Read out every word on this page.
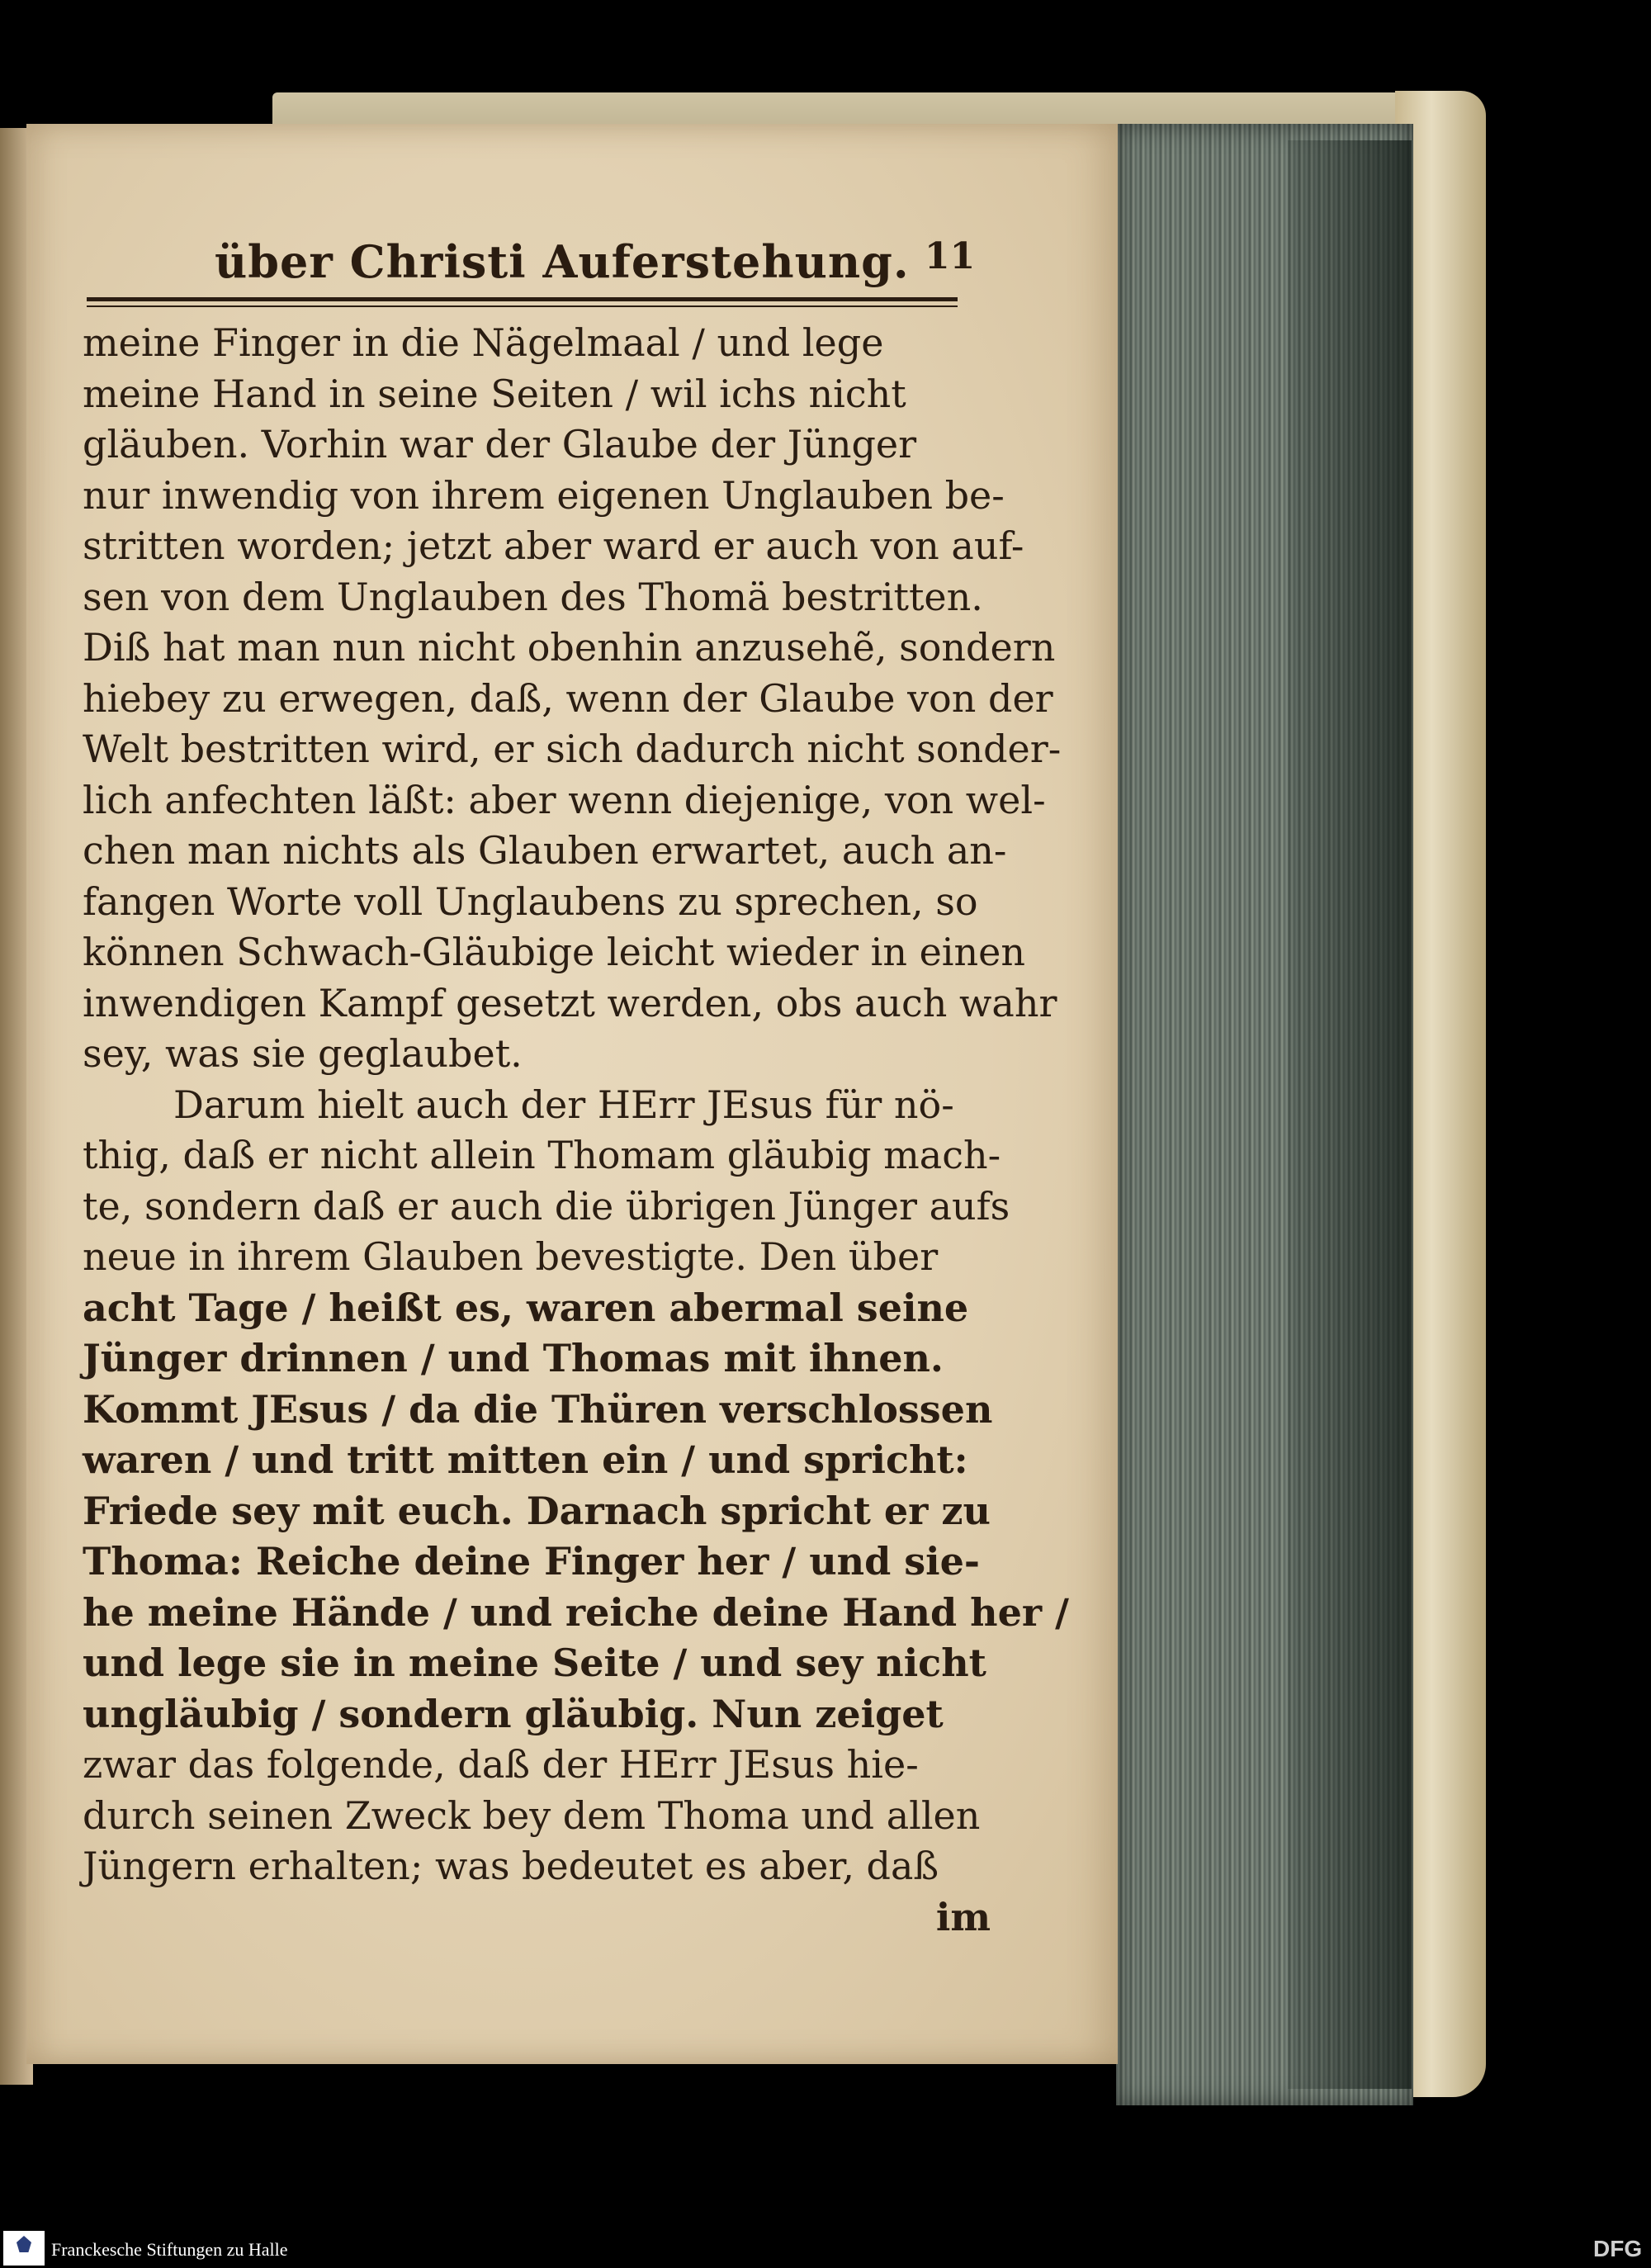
über Christi Auferstehung. 11
meine Finger in die Nägelmaal / und lege
meine Hand in seine Seiten / wil ichs nicht
gläuben. Vorhin war der Glaube der Jünger
nur inwendig von ihrem eigenen Unglauben be-
stritten worden; jetzt aber ward er auch von auf-
sen von dem Unglauben des Thomä bestritten.
Diß hat man nun nicht obenhin anzusehẽ, sondern
hiebey zu erwegen, daß, wenn der Glaube von der
Welt bestritten wird, er sich dadurch nicht sonder-
lich anfechten läßt: aber wenn diejenige, von wel-
chen man nichts als Glauben erwartet, auch an-
fangen Worte voll Unglaubens zu sprechen, so
können Schwach-Gläubige leicht wieder in einen
inwendigen Kampf gesetzt werden, obs auch wahr
sey, was sie geglaubet.
Darum hielt auch der HErr JEsus für nö-
thig, daß er nicht allein Thomam gläubig mach-
te, sondern daß er auch die übrigen Jünger aufs
neue in ihrem Glauben bevestigte. Den über
acht Tage / heißt es, waren abermal seine
Jünger drinnen / und Thomas mit ihnen.
Kommt JEsus / da die Thüren verschlossen
waren / und tritt mitten ein / und spricht:
Friede sey mit euch. Darnach spricht er zu
Thoma: Reiche deine Finger her / und sie-
he meine Hände / und reiche deine Hand her /
und lege sie in meine Seite / und sey nicht
ungläubig / sondern gläubig. Nun zeiget
zwar das folgende, daß der HErr JEsus hie-
durch seinen Zweck bey dem Thoma und allen
Jüngern erhalten; was bedeutet es aber, daß
im
Franckesche Stiftungen zu Halle	DFG
